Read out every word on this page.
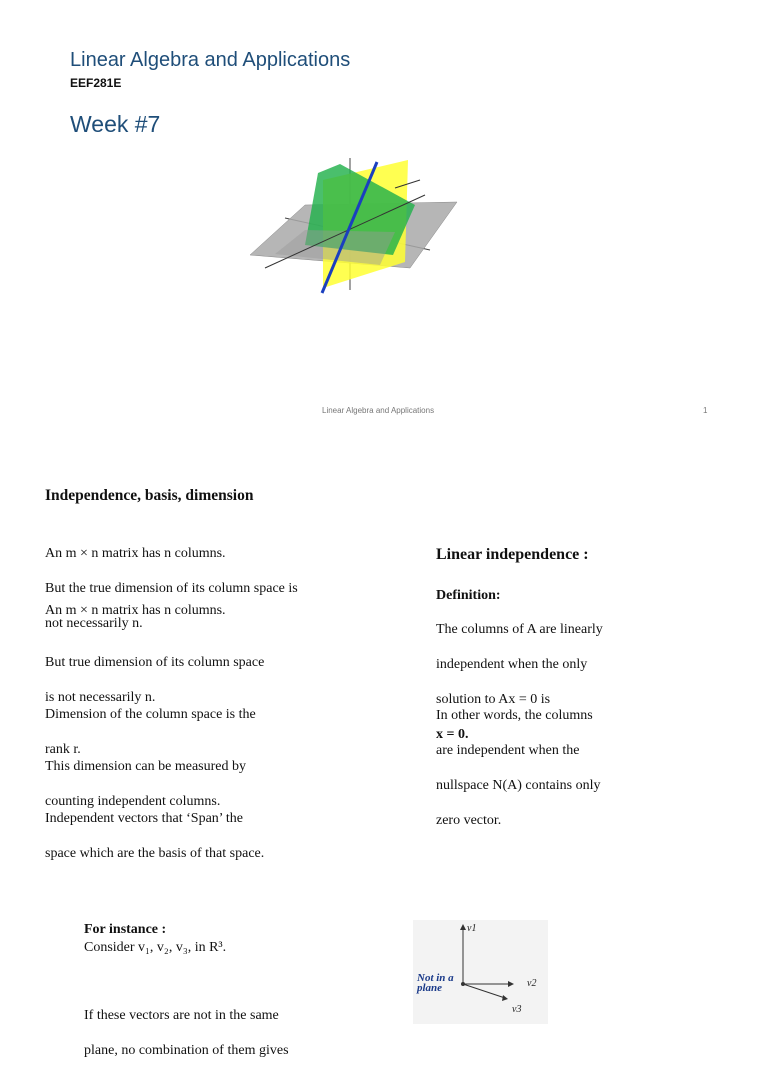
Linear Algebra and Applications
EEF281E
Week #7
Linear Algebra and Applications	1
Independence, basis, dimension

An m × n matrix has n columns.

But the true dimension of its column space is

not necessarily n.

An m × n matrix has n columns.

But true dimension of its column space

is not necessarily n.

Dimension of the column space is the

rank r.

This dimension can be measured by

counting independent columns.

Independent vectors that ‘Span’ the

space which are the basis of that space.

Linear independence :
Definition:

The columns of A are linearly

independent when the only

solution to Ax = 0 is

x = 0.

In other words, the columns

are independent when the

nullspace N(A) contains only

zero vector.

For instance :
Consider v₁, v₂, v₃, in R³.

If these vectors are not in the same

plane, no combination of them gives

Not in a plane
v1
v2
v3
